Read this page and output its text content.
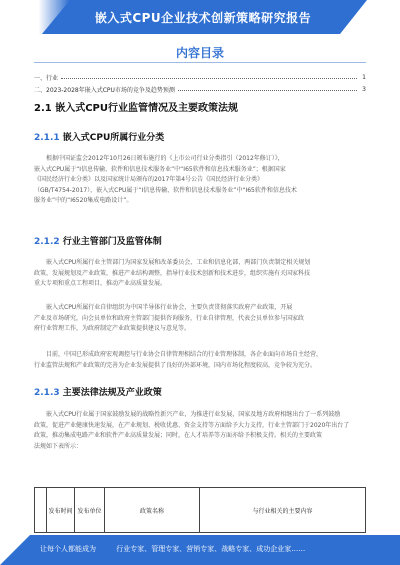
嵌入式CPU企业技术创新策略研究报告
内容目录
一、 行业	1
二、 2023-2028年嵌入式CPU市场的竞争及趋势预测	3
2.1 嵌入式CPU行业监管情况及主要政策法规
2.1.1 嵌入式CPU所属行业分类
根据中国证监会2012年10月26日颁布施行的《上市公司行业分类指引（2012年修订）》，
嵌入式CPU属于“I信息传输、软件和信息技术服务业”中“I65软件和信息技术服务业”；根据国家
《国民经济行业分类》以及国家统计局颁布的2017年第4号公告《国民经济行业分类》
（GB/T4754-2017），嵌入式CPU属于“I信息传输、软件和信息技术服务业”中“I65软件和信息技术
服务业”中的“I6520集成电路设计”。
2.1.2 行业主管部门及监管体制
嵌入式CPU所属行业主管部门为国家发展和改革委员会、工业和信息化部，两部门负责制定相关规划
政策，发展规划及产业政策，推进产业结构调整，指导行业技术创新和技术进步，组织实施有关国家科技
重大专项和重点工程项目，推动产业高质量发展。
嵌入式CPU所属行业自律组织为中国半导体行业协会，主要负责贯彻落实政府产业政策，开展
产业及市场研究，向会员单位和政府主管部门提供咨询服务，行业自律管理，代表会员单位参与国家政
府行业管理工作，为政府制定产业政策提供建议与意见等。
目前，中国已形成政府宏观调控与行业协会自律管理相结合的行业管理体制，各企业面向市场自主经营，
行业监管法规和产业政策的完善为企业发展提供了良好的外部环境，国内市场化程度较高，竞争较为充分。
2.1.3 主要法律法规及产业政策
嵌入式CPU行业属于国家鼓励发展的战略性新兴产业，为推进行业发展，国家及地方政府相继出台了一系列鼓励
政策，促进产业健康快速发展，在产业规划、税收优惠、资金支持等方面给予大力支持，行业主管部门于2020年出台了
政策，推动集成电路产业和软件产业高质量发展；同时，在人才培养等方面亦给予积极支持。相关的主要政策
法规如下表所示：
发布时间 发布单位	政策名称	与行业相关的主要内容
让每个人都能成为	行业专家、管理专家、营销专家、战略专家、成功企业家……
